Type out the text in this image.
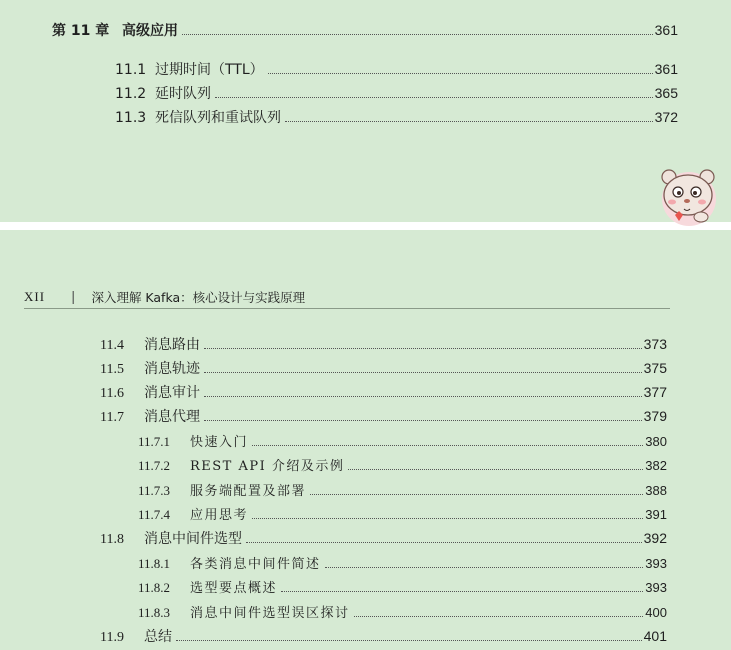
第 11 章 高级应用	361
11.1 过期时间（TTL）	361
11.2 延时队列	365
11.3 死信队列和重试队列	372
XII | 深入理解 Kafka：核心设计与实践原理
11.4	消息路由	373
11.5	消息轨迹	375
11.6	消息审计	377
11.7	消息代理	379
11.7.1	快速入门	380
11.7.2	REST API 介绍及示例	382
11.7.3	服务端配置及部署	388
11.7.4	应用思考	391
11.8	消息中间件选型	392
11.8.1	各类消息中间件简述	393
11.8.2	选型要点概述	393
11.8.3	消息中间件选型误区探讨	400
11.9	总结	401
